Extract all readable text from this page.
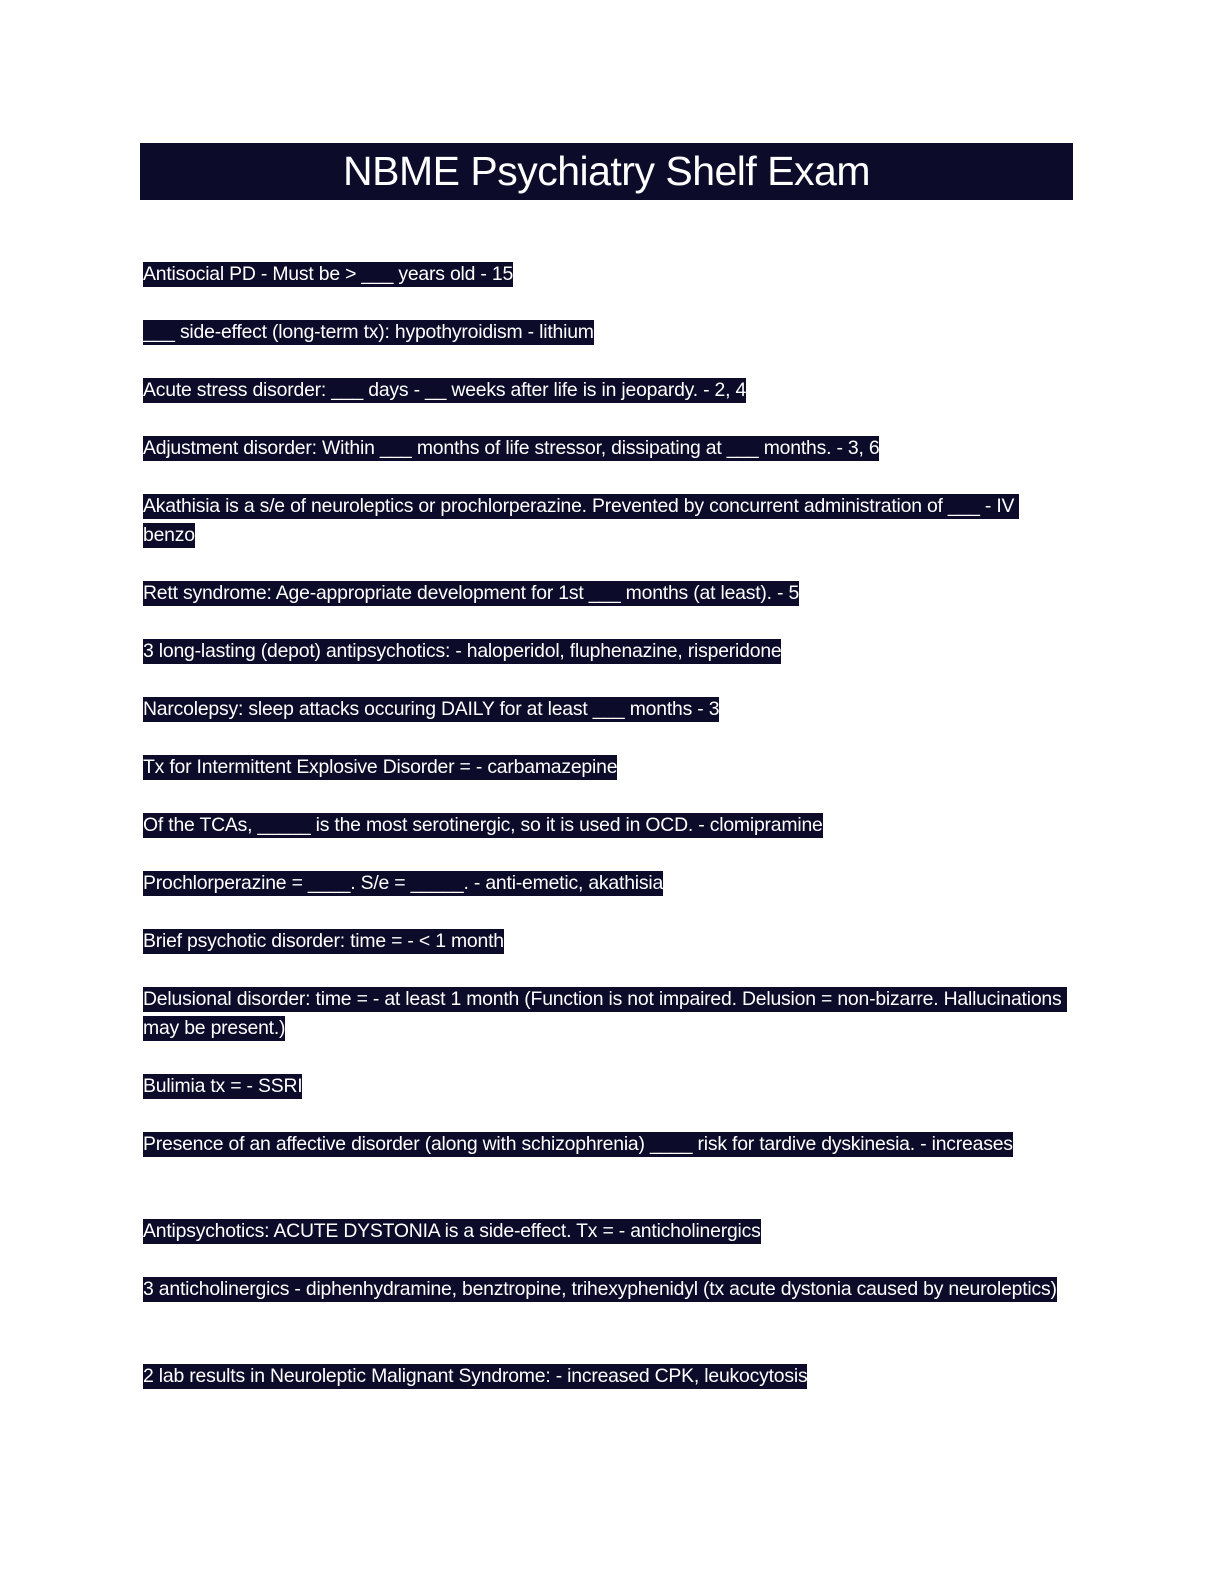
NBME Psychiatry Shelf Exam
Antisocial PD - Must be > ___ years old - 15
___ side-effect (long-term tx): hypothyroidism - lithium
Acute stress disorder: ___ days - __ weeks after life is in jeopardy. - 2, 4
Adjustment disorder: Within ___ months of life stressor, dissipating at ___ months. - 3, 6
Akathisia is a s/e of neuroleptics or prochlorperazine. Prevented by concurrent administration of ___ - IV benzo
Rett syndrome: Age-appropriate development for 1st ___ months (at least). - 5
3 long-lasting (depot) antipsychotics: - haloperidol, fluphenazine, risperidone
Narcolepsy: sleep attacks occuring DAILY for at least ___ months - 3
Tx for Intermittent Explosive Disorder = - carbamazepine
Of the TCAs, _____ is the most serotinergic, so it is used in OCD. - clomipramine
Prochlorperazine = ____. S/e = _____. - anti-emetic, akathisia
Brief psychotic disorder: time = - < 1 month
Delusional disorder: time = - at least 1 month (Function is not impaired. Delusion = non-bizarre. Hallucinations may be present.)
Bulimia tx = - SSRI
Presence of an affective disorder (along with schizophrenia) ____ risk for tardive dyskinesia. - increases
Antipsychotics: ACUTE DYSTONIA is a side-effect. Tx = - anticholinergics
3 anticholinergics - diphenhydramine, benztropine, trihexyphenidyl (tx acute dystonia caused by neuroleptics)
2 lab results in Neuroleptic Malignant Syndrome: - increased CPK, leukocytosis
